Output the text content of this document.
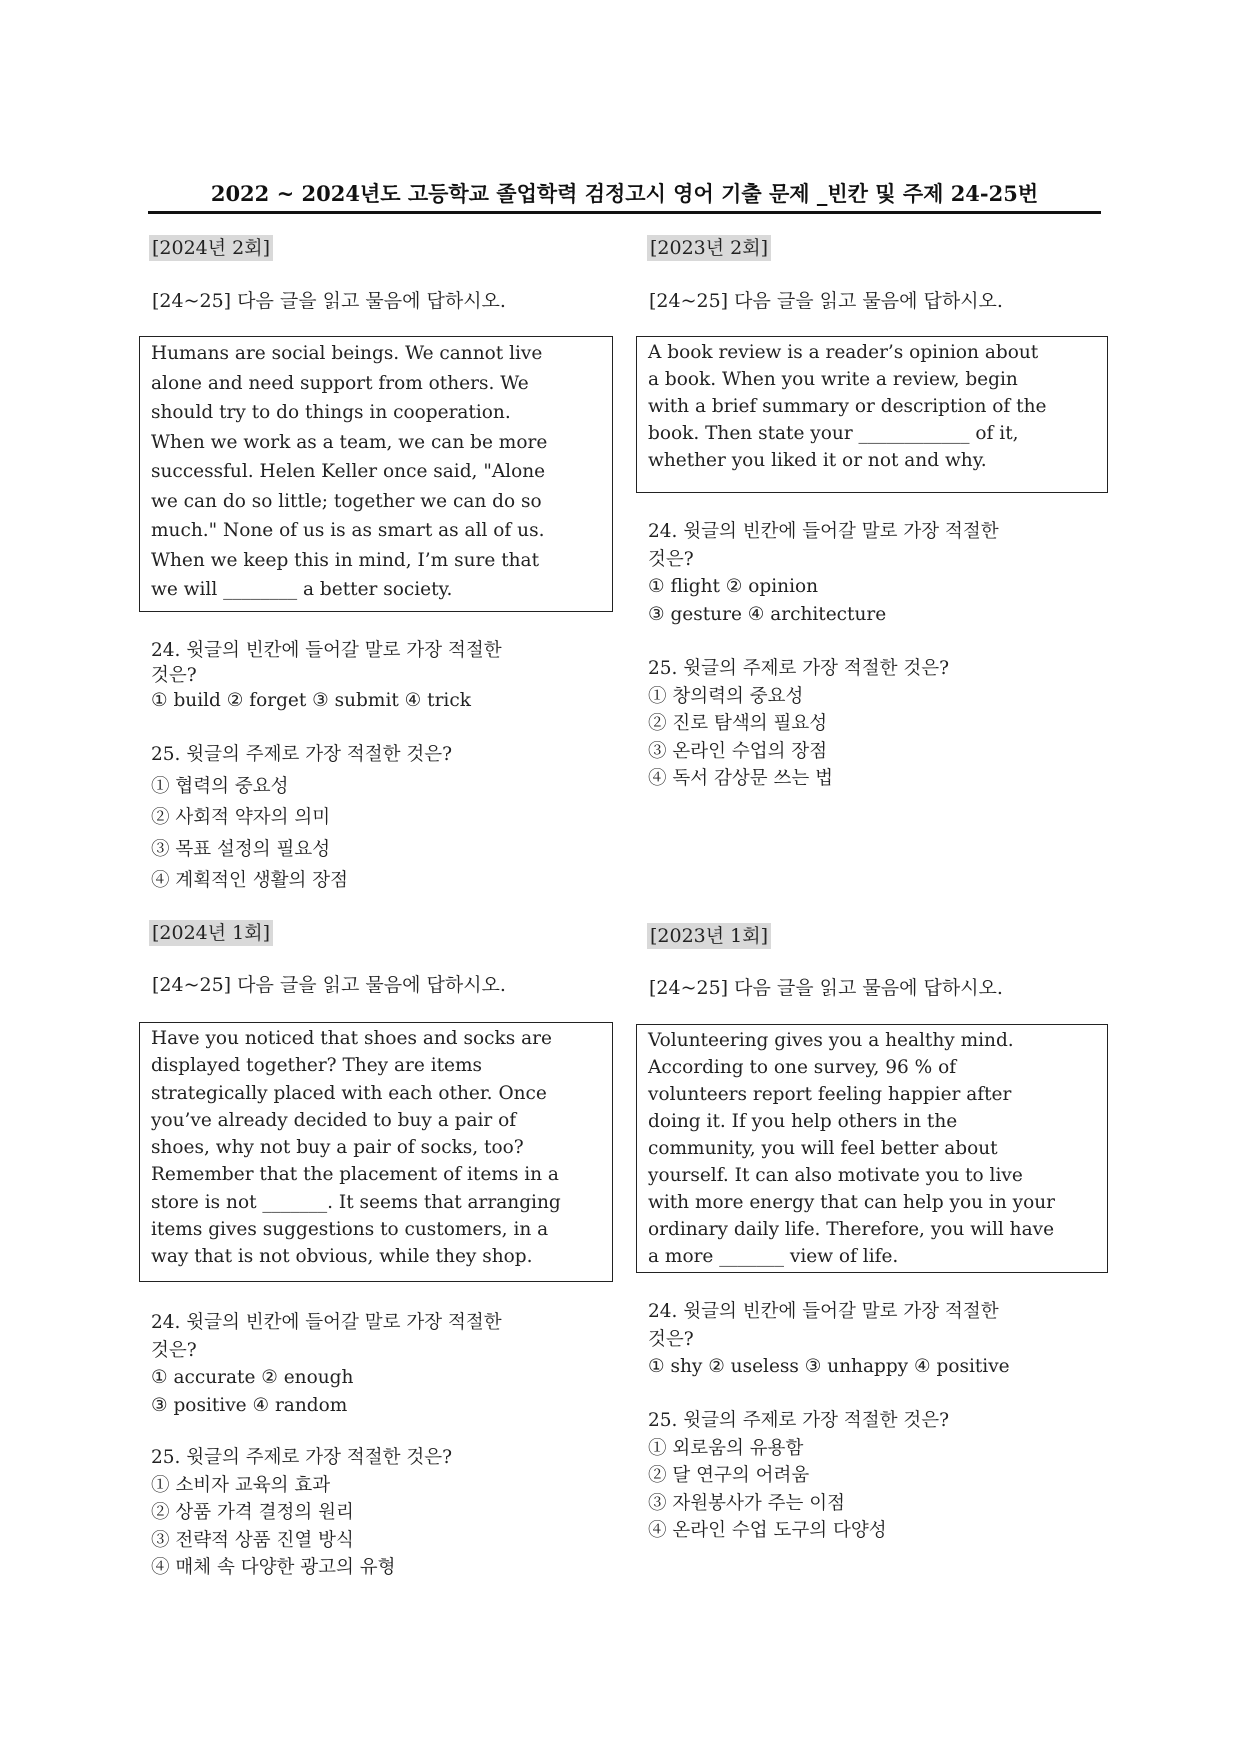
2022 ~ 2024년도 고등학교 졸업학력 검정고시 영어 기출 문제 _빈칸 및 주제 24-25번
[2024년 2회]
[24~25] 다음 글을 읽고 물음에 답하시오.
Humans are social beings. We cannot live
alone and need support from others. We
should try to do things in cooperation.
When we work as a team, we can be more
successful. Helen Keller once said, "Alone
we can do so little; together we can do so
much." None of us is as smart as all of us.
When we keep this in mind, I’m sure that
we will ________ a better society.
24. 윗글의 빈칸에 들어갈 말로 가장 적절한
것은?
① build ② forget ③ submit ④ trick
25. 윗글의 주제로 가장 적절한 것은?
① 협력의 중요성
② 사회적 약자의 의미
③ 목표 설정의 필요성
④ 계획적인 생활의 장점
[2023년 2회]
[24~25] 다음 글을 읽고 물음에 답하시오.
A book review is a reader’s opinion about
a book. When you write a review, begin
with a brief summary or description of the
book. Then state your ____________ of it,
whether you liked it or not and why.
24. 윗글의 빈칸에 들어갈 말로 가장 적절한
것은?
① flight ② opinion
③ gesture ④ architecture
25. 윗글의 주제로 가장 적절한 것은?
① 창의력의 중요성
② 진로 탐색의 필요성
③ 온라인 수업의 장점
④ 독서 감상문 쓰는 법
[2024년 1회]
[24~25] 다음 글을 읽고 물음에 답하시오.
Have you noticed that shoes and socks are
displayed together? They are items
strategically placed with each other. Once
you’ve already decided to buy a pair of
shoes, why not buy a pair of socks, too?
Remember that the placement of items in a
store is not _______. It seems that arranging
items gives suggestions to customers, in a
way that is not obvious, while they shop.
24. 윗글의 빈칸에 들어갈 말로 가장 적절한
것은?
① accurate ② enough
③ positive ④ random
25. 윗글의 주제로 가장 적절한 것은?
① 소비자 교육의 효과
② 상품 가격 결정의 원리
③ 전략적 상품 진열 방식
④ 매체 속 다양한 광고의 유형
[2023년 1회]
[24~25] 다음 글을 읽고 물음에 답하시오.
Volunteering gives you a healthy mind.
According to one survey, 96 % of
volunteers report feeling happier after
doing it. If you help others in the
community, you will feel better about
yourself. It can also motivate you to live
with more energy that can help you in your
ordinary daily life. Therefore, you will have
a more _______ view of life.
24. 윗글의 빈칸에 들어갈 말로 가장 적절한
것은?
① shy ② useless ③ unhappy ④ positive
25. 윗글의 주제로 가장 적절한 것은?
① 외로움의 유용함
② 달 연구의 어려움
③ 자원봉사가 주는 이점
④ 온라인 수업 도구의 다양성
